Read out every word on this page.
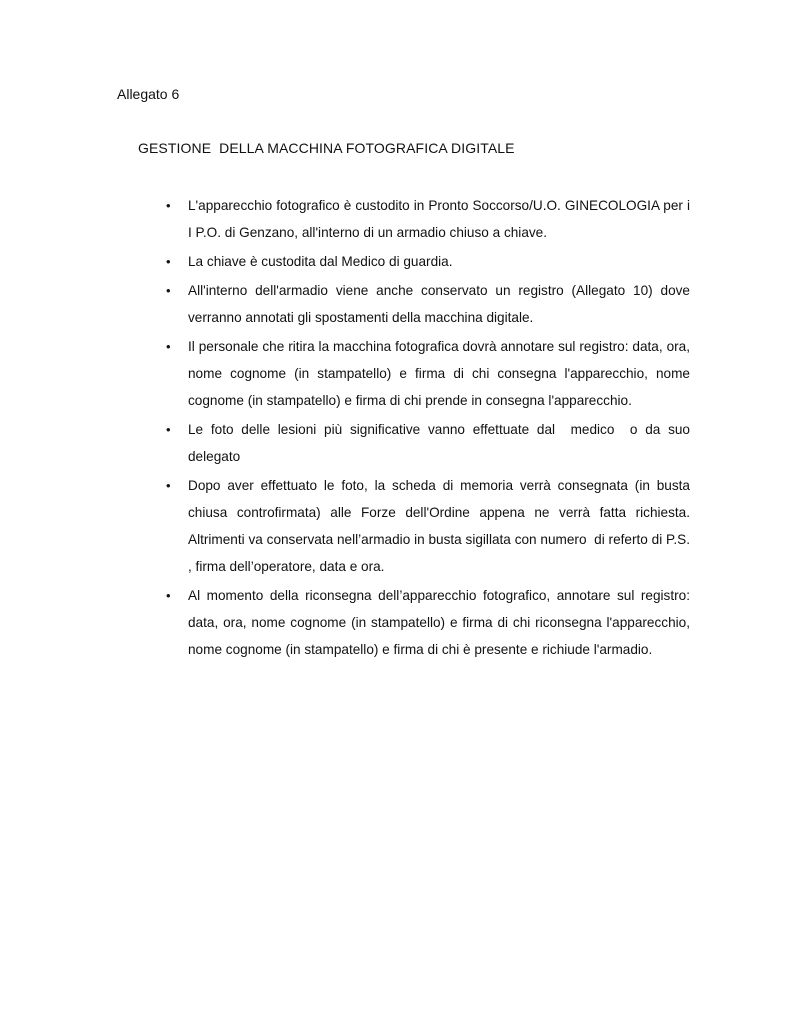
Allegato 6
GESTIONE  DELLA MACCHINA FOTOGRAFICA DIGITALE
• L'apparecchio fotografico è custodito in Pronto Soccorso/U.O. GINECOLOGIA per i I P.O. di Genzano, all'interno di un armadio chiuso a chiave.
• La chiave è custodita dal Medico di guardia.
• All'interno dell'armadio viene anche conservato un registro (Allegato 10) dove verranno annotati gli spostamenti della macchina digitale.
• Il personale che ritira la macchina fotografica dovrà annotare sul registro: data, ora, nome cognome (in stampatello) e firma di chi consegna l'apparecchio, nome cognome (in stampatello) e firma di chi prende in consegna l'apparecchio.
• Le foto delle lesioni più significative vanno effettuate dal  medico  o da suo delegato
• Dopo aver effettuato le foto, la scheda di memoria verrà consegnata (in busta chiusa controfirmata) alle Forze dell'Ordine appena ne verrà fatta richiesta. Altrimenti va conservata nell’armadio in busta sigillata con numero  di referto di P.S. , firma dell’operatore, data e ora.
• Al momento della riconsegna dell’apparecchio fotografico, annotare sul registro: data, ora, nome cognome (in stampatello) e firma di chi riconsegna l'apparecchio, nome cognome (in stampatello) e firma di chi è presente e richiude l'armadio.
